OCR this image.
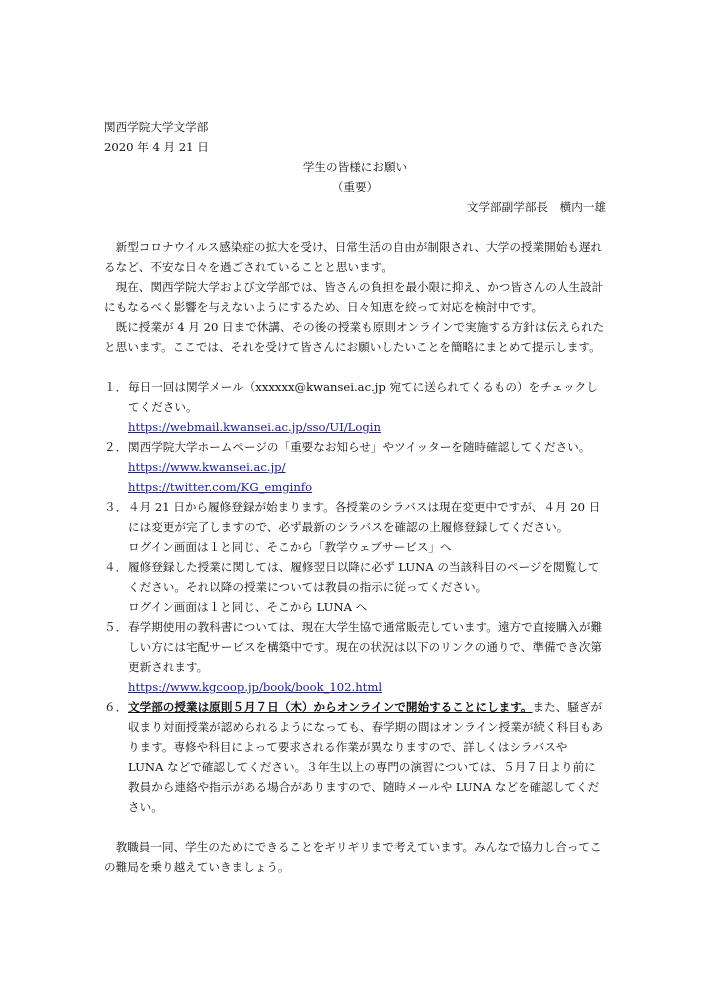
関西学院大学文学部
2020 年 4 月 21 日
学生の皆様にお願い
（重要）
文学部副学部長　横内一雄

新型コロナウイルス感染症の拡大を受け、日常生活の自由が制限され、大学の授業開始も遅れるなど、不安な日々を過ごされていることと思います。

現在、関西学院大学および文学部では、皆さんの負担を最小限に抑え、かつ皆さんの人生設計にもなるべく影響を与えないようにするため、日々知恵を絞って対応を検討中です。

既に授業が 4 月 20 日まで休講、その後の授業も原則オンラインで実施する方針は伝えられたと思います。ここでは、それを受けて皆さんにお願いしたいことを簡略にまとめて提示します。

１． 毎日一回は関学メール（xxxxxx@kwansei.ac.jp 宛てに送られてくるもの）をチェックしてください。
https://webmail.kwansei.ac.jp/sso/UI/Login
２． 関西学院大学ホームページの「重要なお知らせ」やツイッターを随時確認してください。
https://www.kwansei.ac.jp/
https://twitter.com/KG_emginfo
３． ４月 21 日から履修登録が始まります。各授業のシラバスは現在変更中ですが、４月 20 日には変更が完了しますので、必ず最新のシラバスを確認の上履修登録してください。
ログイン画面は１と同じ、そこから「教学ウェブサービス」へ
４． 履修登録した授業に関しては、履修翌日以降に必ず LUNA の当該科目のページを閲覧してください。それ以降の授業については教員の指示に従ってください。
ログイン画面は１と同じ、そこから LUNA へ
５． 春学期使用の教科書については、現在大学生協で通常販売しています。遠方で直接購入が難しい方には宅配サービスを構築中です。現在の状況は以下のリンクの通りで、準備でき次第更新されます。
https://www.kgcoop.jp/book/book_102.html
６． 文学部の授業は原則５月７日（木）からオンラインで開始することにします。また、騒ぎが収まり対面授業が認められるようになっても、春学期の間はオンライン授業が続く科目もあります。専修や科目によって要求される作業が異なりますので、詳しくはシラバスや LUNA などで確認してください。３年生以上の専門の演習については、５月７日より前に教員から連絡や指示がある場合がありますので、随時メールや LUNA などを確認してください。

教職員一同、学生のためにできることをギリギリまで考えています。みんなで協力し合ってこの難局を乗り越えていきましょう。
